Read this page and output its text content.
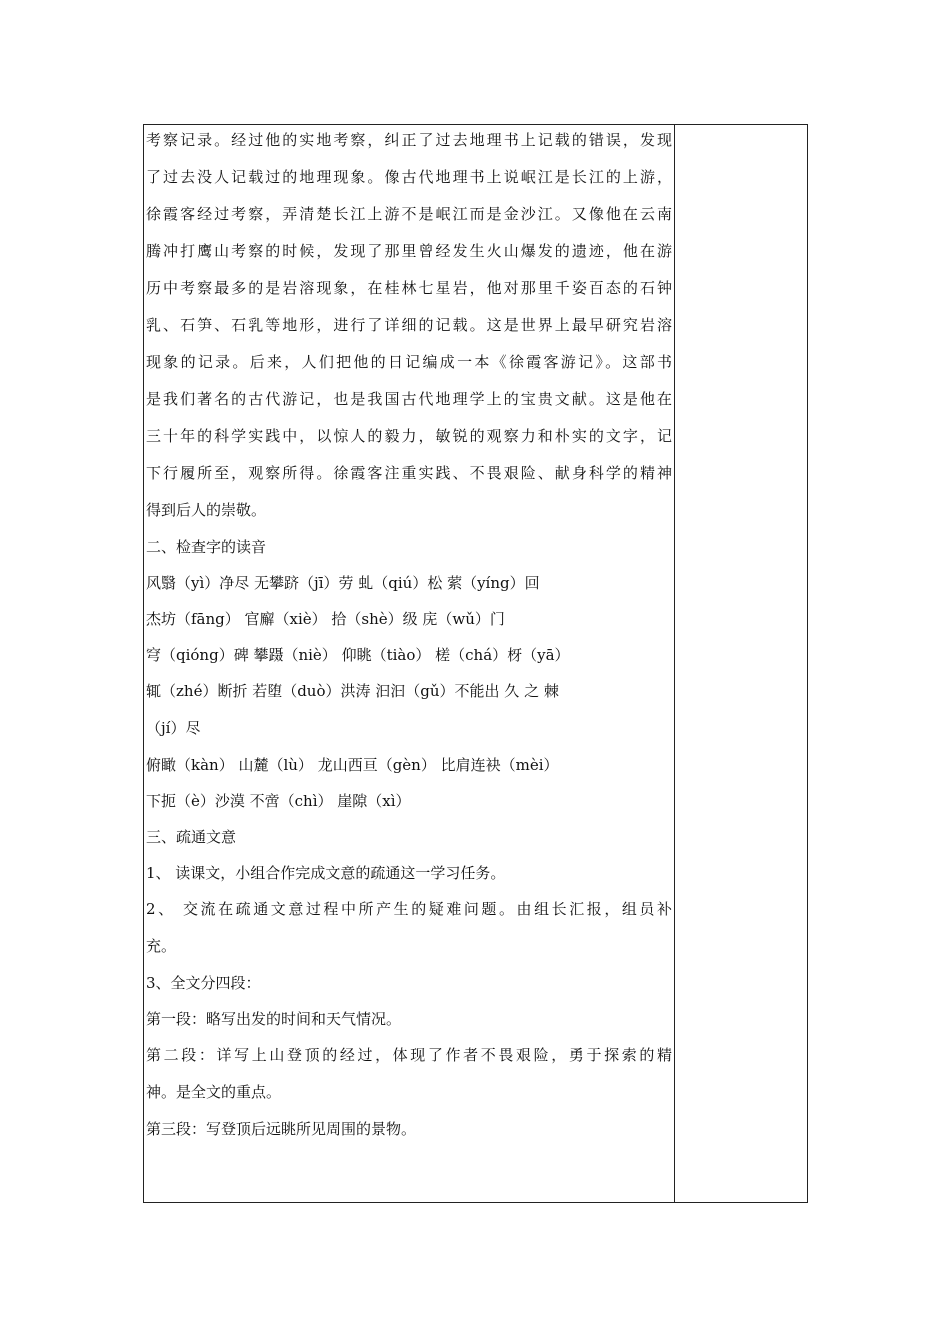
考察记录。经过他的实地考察，纠正了过去地理书上记载的错误，发现
了过去没人记载过的地理现象。像古代地理书上说岷江是长江的上游，
徐霞客经过考察，弄清楚长江上游不是岷江而是金沙江。又像他在云南
腾冲打鹰山考察的时候，发现了那里曾经发生火山爆发的遗迹，他在游
历中考察最多的是岩溶现象，在桂林七星岩，他对那里千姿百态的石钟
乳、石笋、石乳等地形，进行了详细的记载。这是世界上最早研究岩溶
现象的记录。后来，人们把他的日记编成一本《徐霞客游记》。这部书
是我们著名的古代游记，也是我国古代地理学上的宝贵文献。这是他在
三十年的科学实践中，以惊人的毅力，敏锐的观察力和朴实的文字，记
下行履所至，观察所得。徐霞客注重实践、不畏艰险、献身科学的精神
得到后人的崇敬。
二、检查字的读音
风翳（yì）净尽 无攀跻（jī）劳 虬（qiú）松 萦（yíng）回
杰坊（fāng） 官廨（xiè） 拾（shè）级 庑（wǔ）门
穹（qióng）碑 攀蹑（niè） 仰眺（tiào） 槎（chá）枒（yā）
辄（zhé）断折 若堕（duò）洪涛 汩汩（gǔ）不能出 久 之 棘
（jí）尽
俯瞰（kàn） 山麓（lù） 龙山西亘（gèn） 比肩连袂（mèi）
下扼（è）沙漠 不啻（chì） 崖隙（xì）
三、疏通文意
1、 读课文，小组合作完成文意的疏通这一学习任务。
2、 交流在疏通文意过程中所产生的疑难问题。由组长汇报，组员补
充。
3、全文分四段：
第一段：略写出发的时间和天气情况。
第二段：详写上山登顶的经过，体现了作者不畏艰险，勇于探索的精
神。是全文的重点。
第三段：写登顶后远眺所见周围的景物。
